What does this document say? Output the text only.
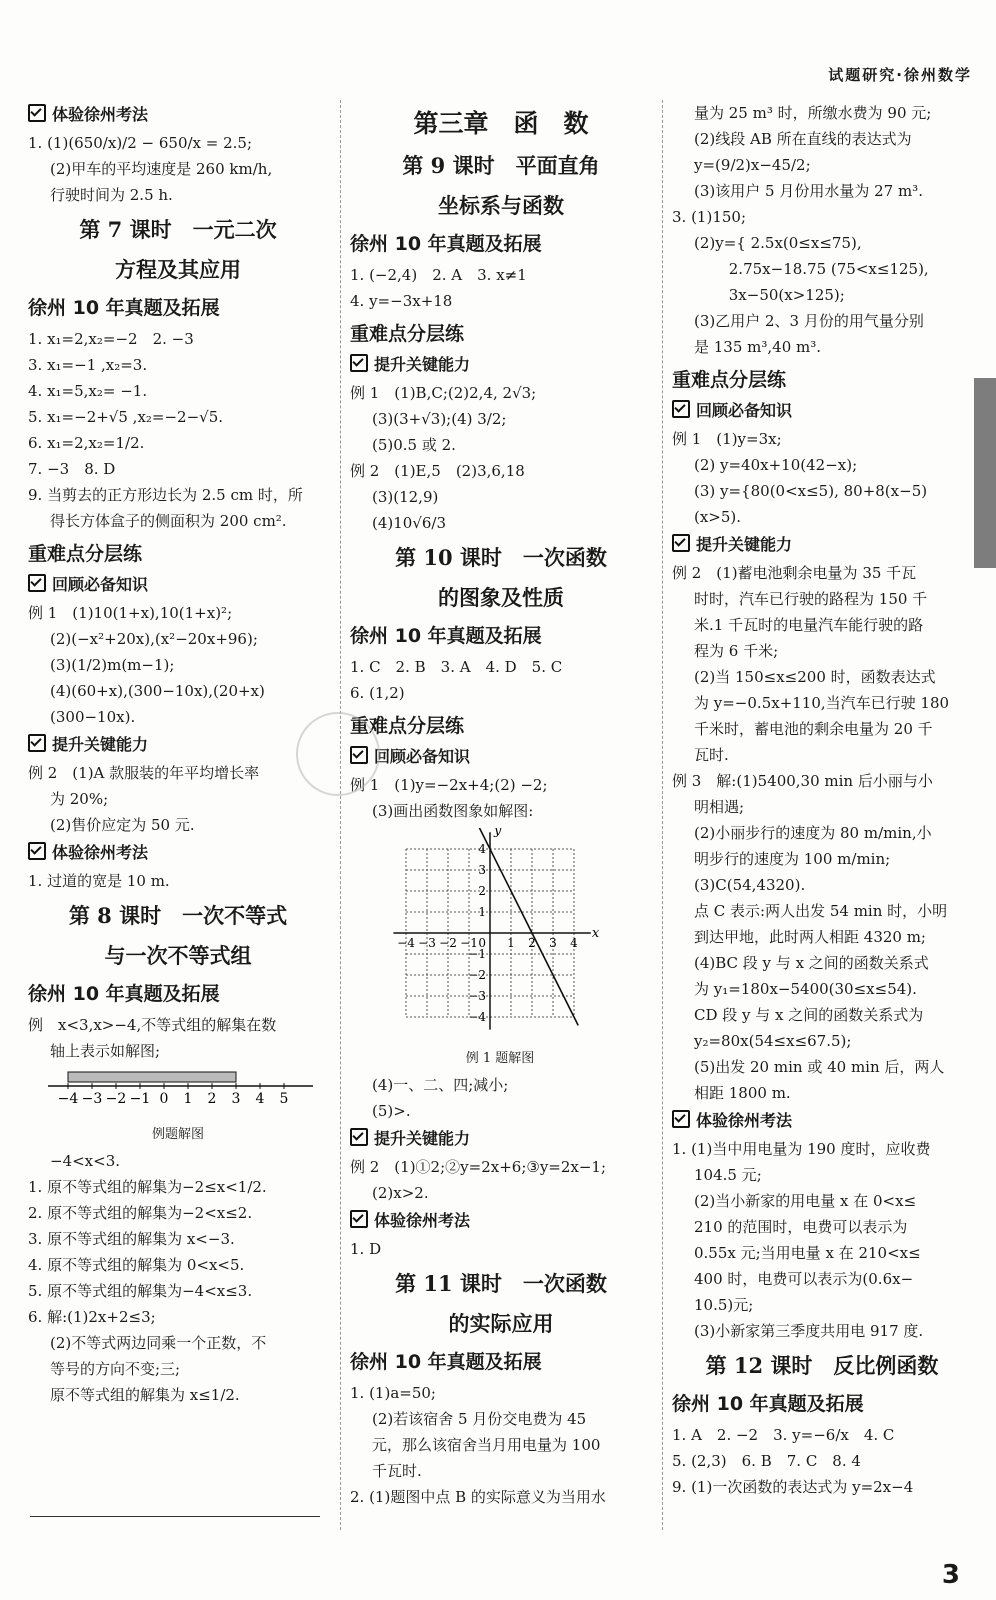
试题研究·徐州数学
体验徐州考法
1. (1)(650/x)/2 − 650/x = 2.5;
(2)甲车的平均速度是 260 km/h,
行驶时间为 2.5 h.
第 7 课时　一元二次
方程及其应用
徐州 10 年真题及拓展
1. x₁=2,x₂=−2　2. −3
3. x₁=−1 ,x₂=3.
4. x₁=5,x₂= −1.
5. x₁=−2+√5 ,x₂=−2−√5.
6. x₁=2,x₂=1/2.
7. −3　8. D
9. 当剪去的正方形边长为 2.5 cm 时，所
得长方体盒子的侧面积为 200 cm².
重难点分层练
回顾必备知识
例 1　(1)10(1+x),10(1+x)²;
(2)(−x²+20x),(x²−20x+96);
(3)(1/2)m(m−1);
(4)(60+x),(300−10x),(20+x)
(300−10x).
提升关键能力
例 2　(1)A 款服装的年平均增长率
为 20%;
(2)售价应定为 50 元.
体验徐州考法
1. 过道的宽是 10 m.
第 8 课时　一次不等式
与一次不等式组
徐州 10 年真题及拓展
例　x<3,x>−4,不等式组的解集在数
轴上表示如解图;
−4 −3 −2 −1 0 1 2 3 4 5
例题解图
−4<x<3.
1. 原不等式组的解集为−2≤x<1/2.
2. 原不等式组的解集为−2<x≤2.
3. 原不等式组的解集为 x<−3.
4. 原不等式组的解集为 0<x<5.
5. 原不等式组的解集为−4<x≤3.
6. 解:(1)2x+2≤3;
(2)不等式两边同乘一个正数，不
等号的方向不变;三;
原不等式组的解集为 x≤1/2.
第三章　函　数
第 9 课时　平面直角
坐标系与函数
徐州 10 年真题及拓展
1. (−2,4)　2. A　3. x≠1
4. y=−3x+18
重难点分层练
提升关键能力
例 1　(1)B,C;(2)2,4, 2√3;
(3)(3+√3);(4) 3/2;
(5)0.5 或 2.
例 2　(1)E,5　(2)3,6,18
(3)(12,9)
(4)10√6/3
第 10 课时　一次函数
的图象及性质
徐州 10 年真题及拓展
1. C　2. B　3. A　4. D　5. C
6. (1,2)
重难点分层练
回顾必备知识
例 1　(1)y=−2x+4;(2) −2;
(3)画出函数图象如解图:
−4
−4
−3
−3
−2
−2
−1
−1
1
1
2
2
3
3
4
4
0
x
y
例 1 题解图
(4)一、二、四;减小;
(5)>.
提升关键能力
例 2　(1)①2;②y=2x+6;③y=2x−1;
(2)x>2.
体验徐州考法
1. D
第 11 课时　一次函数
的实际应用
徐州 10 年真题及拓展
1. (1)a=50;
(2)若该宿舍 5 月份交电费为 45
元，那么该宿舍当月用电量为 100
千瓦时.
2. (1)题图中点 B 的实际意义为当用水
量为 25 m³ 时，所缴水费为 90 元;
(2)线段 AB 所在直线的表达式为
y=(9/2)x−45/2;
(3)该用户 5 月份用水量为 27 m³.
3. (1)150;
(2)y={ 2.5x(0≤x≤75),
　　 2.75x−18.75 (75<x≤125),
　　 3x−50(x>125);
(3)乙用户 2、3 月份的用气量分别
是 135 m³,40 m³.
重难点分层练
回顾必备知识
例 1　(1)y=3x;
(2) y=40x+10(42−x);
(3) y={80(0<x≤5), 80+8(x−5)(x>5).
提升关键能力
例 2　(1)蓄电池剩余电量为 35 千瓦
时时，汽车已行驶的路程为 150 千
米.1 千瓦时的电量汽车能行驶的路
程为 6 千米;
(2)当 150≤x≤200 时，函数表达式
为 y=−0.5x+110,当汽车已行驶 180
千米时，蓄电池的剩余电量为 20 千
瓦时.
例 3　解:(1)5400,30 min 后小丽与小
明相遇;
(2)小丽步行的速度为 80 m/min,小
明步行的速度为 100 m/min;
(3)C(54,4320).
点 C 表示:两人出发 54 min 时，小明
到达甲地，此时两人相距 4320 m;
(4)BC 段 y 与 x 之间的函数关系式
为 y₁=180x−5400(30≤x≤54).
CD 段 y 与 x 之间的函数关系式为
y₂=80x(54≤x≤67.5);
(5)出发 20 min 或 40 min 后，两人
相距 1800 m.
体验徐州考法
1. (1)当中用电量为 190 度时，应收费
104.5 元;
(2)当小新家的用电量 x 在 0<x≤
210 的范围时，电费可以表示为
0.55x 元;当用电量 x 在 210<x≤
400 时，电费可以表示为(0.6x−
10.5)元;
(3)小新家第三季度共用电 917 度.
第 12 课时　反比例函数
徐州 10 年真题及拓展
1. A　2. −2　3. y=−6/x　4. C
5. (2,3)　6. B　7. C　8. 4
9. (1)一次函数的表达式为 y=2x−4
3
